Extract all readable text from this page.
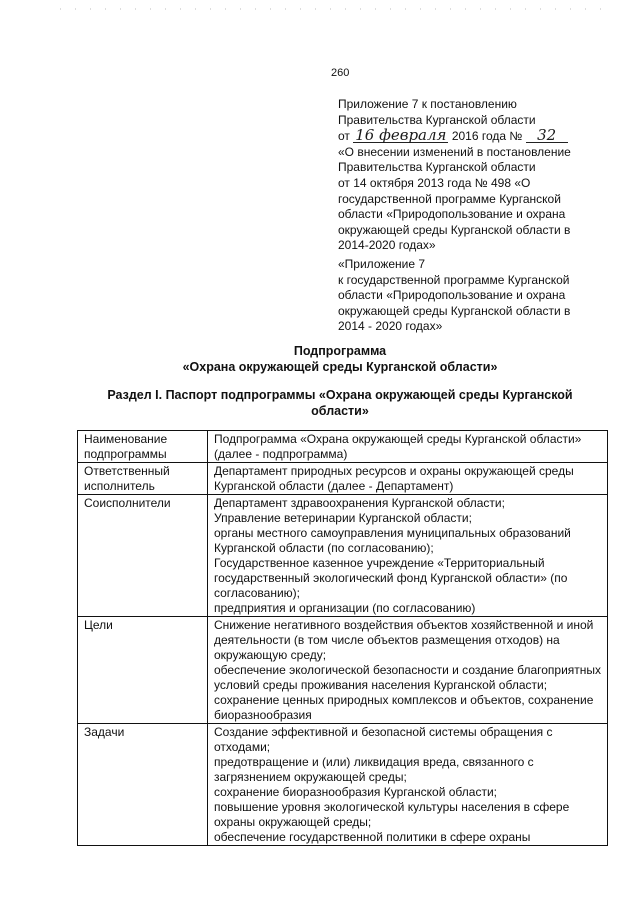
260
Приложение 7 к постановлению
Правительства Курганской области
от 16 февраля 2016 года № 32
«О внесении изменений в постановление
Правительства Курганской области
от 14 октября 2013 года № 498 «О
государственной программе Курганской
области «Природопользование и охрана
окружающей среды Курганской области в
2014-2020 годах»
«Приложение 7
к государственной программе Курганской
области «Природопользование и охрана
окружающей среды Курганской области в
2014 - 2020 годах»
Подпрограмма
«Охрана окружающей среды Курганской области»
Раздел I. Паспорт подпрограммы «Охрана окружающей среды Курганской
области»
Наименование подпрограммы	Подпрограмма «Охрана окружающей среды Курганской области» (далее - подпрограмма)

Ответственный исполнитель	Департамент природных ресурсов и охраны окружающей среды Курганской области (далее - Департамент)

Соисполнители	Департамент здравоохранения Курганской области;
Управление ветеринарии Курганской области;
органы местного самоуправления муниципальных образований Курганской области (по согласованию);
Государственное казенное учреждение «Территориальный государственный экологический фонд Курганской области» (по согласованию);
предприятия и организации (по согласованию)

Цели	Снижение негативного воздействия объектов хозяйственной и иной деятельности (в том числе объектов размещения отходов) на окружающую среду;
обеспечение экологической безопасности и создание благоприятных условий среды проживания населения Курганской области;
сохранение ценных природных комплексов и объектов, сохранение биоразнообразия

Задачи	Создание эффективной и безопасной системы обращения с отходами;
предотвращение и (или) ликвидация вреда, связанного с загрязнением окружающей среды;
сохранение биоразнообразия Курганской области;
повышение уровня экологической культуры населения в сфере охраны окружающей среды;
обеспечение государственной политики в сфере охраны
